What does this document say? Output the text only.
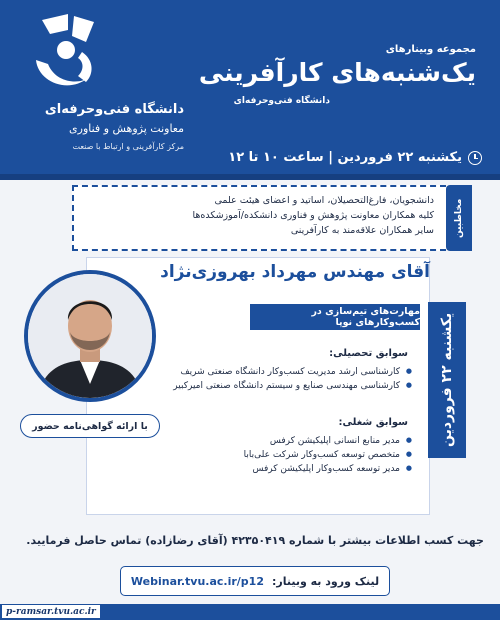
دانشگاه فنی‌وحرفه‌ای
معاونت پژوهش و فناوری
مرکز کارآفرینی و ارتباط با صنعت
مجموعه وبینارهای
یک‌شنبه‌های کارآفرینی
دانشگاه فنی‌وحرفه‌ای
یکشنبه ۲۲ فروردین | ساعت ۱۰ تا ۱۲
مخاطبین
دانشجویان، فارغ‌التحصیلان، اساتید و اعضای هیئت علمی
کلیه همکاران معاونت پژوهش و فناوری دانشکده/آموزشکده‌ها
سایر همکاران علاقه‌مند به کارآفرینی
آقای مهندس مهرداد بهروزی‌نژاد
مهارت‌های تیم‌سازی در کسب‌وکارهای نوپا
یکشنبه ۲۲ فروردین
با ارائه گواهی‌نامه حضور
سوابق تحصیلی:
● کارشناسی ارشد مدیریت کسب‌وکار دانشگاه صنعتی شریف
● کارشناسی مهندسی صنایع و سیستم دانشگاه صنعتی امیرکبیر
سوابق شغلی:
● مدیر منابع انسانی اپلیکیشن کرفس
● متخصص توسعه کسب‌وکار شرکت علی‌بابا
● مدیر توسعه کسب‌وکار اپلیکیشن کرفس
جهت کسب اطلاعات بیشتر با شماره ۴۲۳۵۰۴۱۹ (آقای رضازاده) تماس حاصل فرمایید.
لینک ورود به وبینار:
Webinar.tvu.ac.ir/p12
p-ramsar.tvu.ac.ir
